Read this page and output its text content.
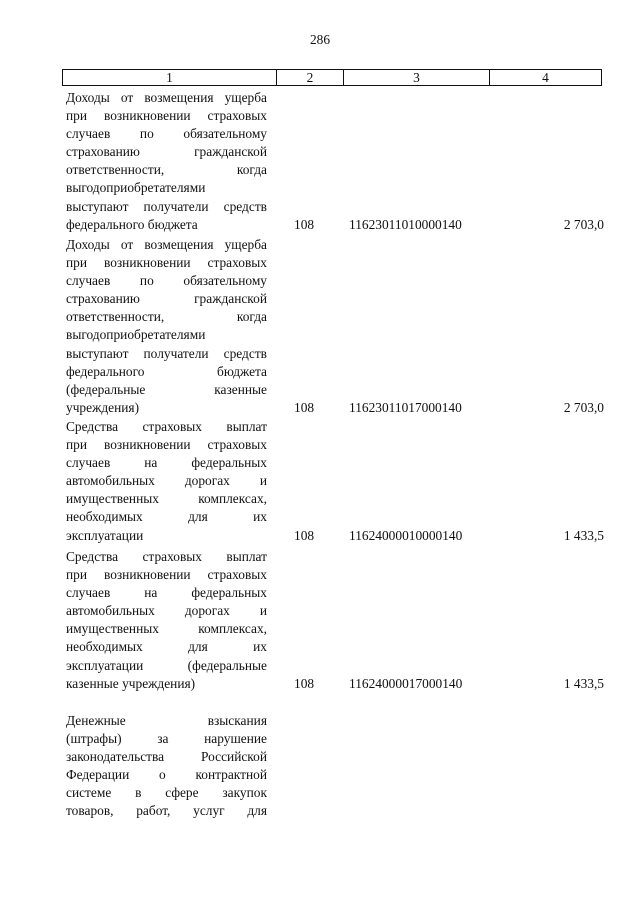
286
1	2	3	4
Доходы от возмещения ущерба
при возникновении страховых
случаев по обязательному
страхованию гражданской
ответственности, когда
выгодоприобретателями
выступают получатели средств
федерального бюджета	108	11623011010000140	2 703,0
Доходы от возмещения ущерба
при возникновении страховых
случаев по обязательному
страхованию гражданской
ответственности, когда
выгодоприобретателями
выступают получатели средств
федерального бюджета
(федеральные казенные
учреждения)	108	11623011017000140	2 703,0
Средства страховых выплат
при возникновении страховых
случаев на федеральных
автомобильных дорогах и
имущественных комплексах,
необходимых для их
эксплуатации	108	11624000010000140	1 433,5
Средства страховых выплат
при возникновении страховых
случаев на федеральных
автомобильных дорогах и
имущественных комплексах,
необходимых для их
эксплуатации (федеральные
казенные учреждения)	108	11624000017000140	1 433,5
Денежные взыскания
(штрафы) за нарушение
законодательства Российской
Федерации о контрактной
системе в сфере закупок
товаров, работ, услуг для
